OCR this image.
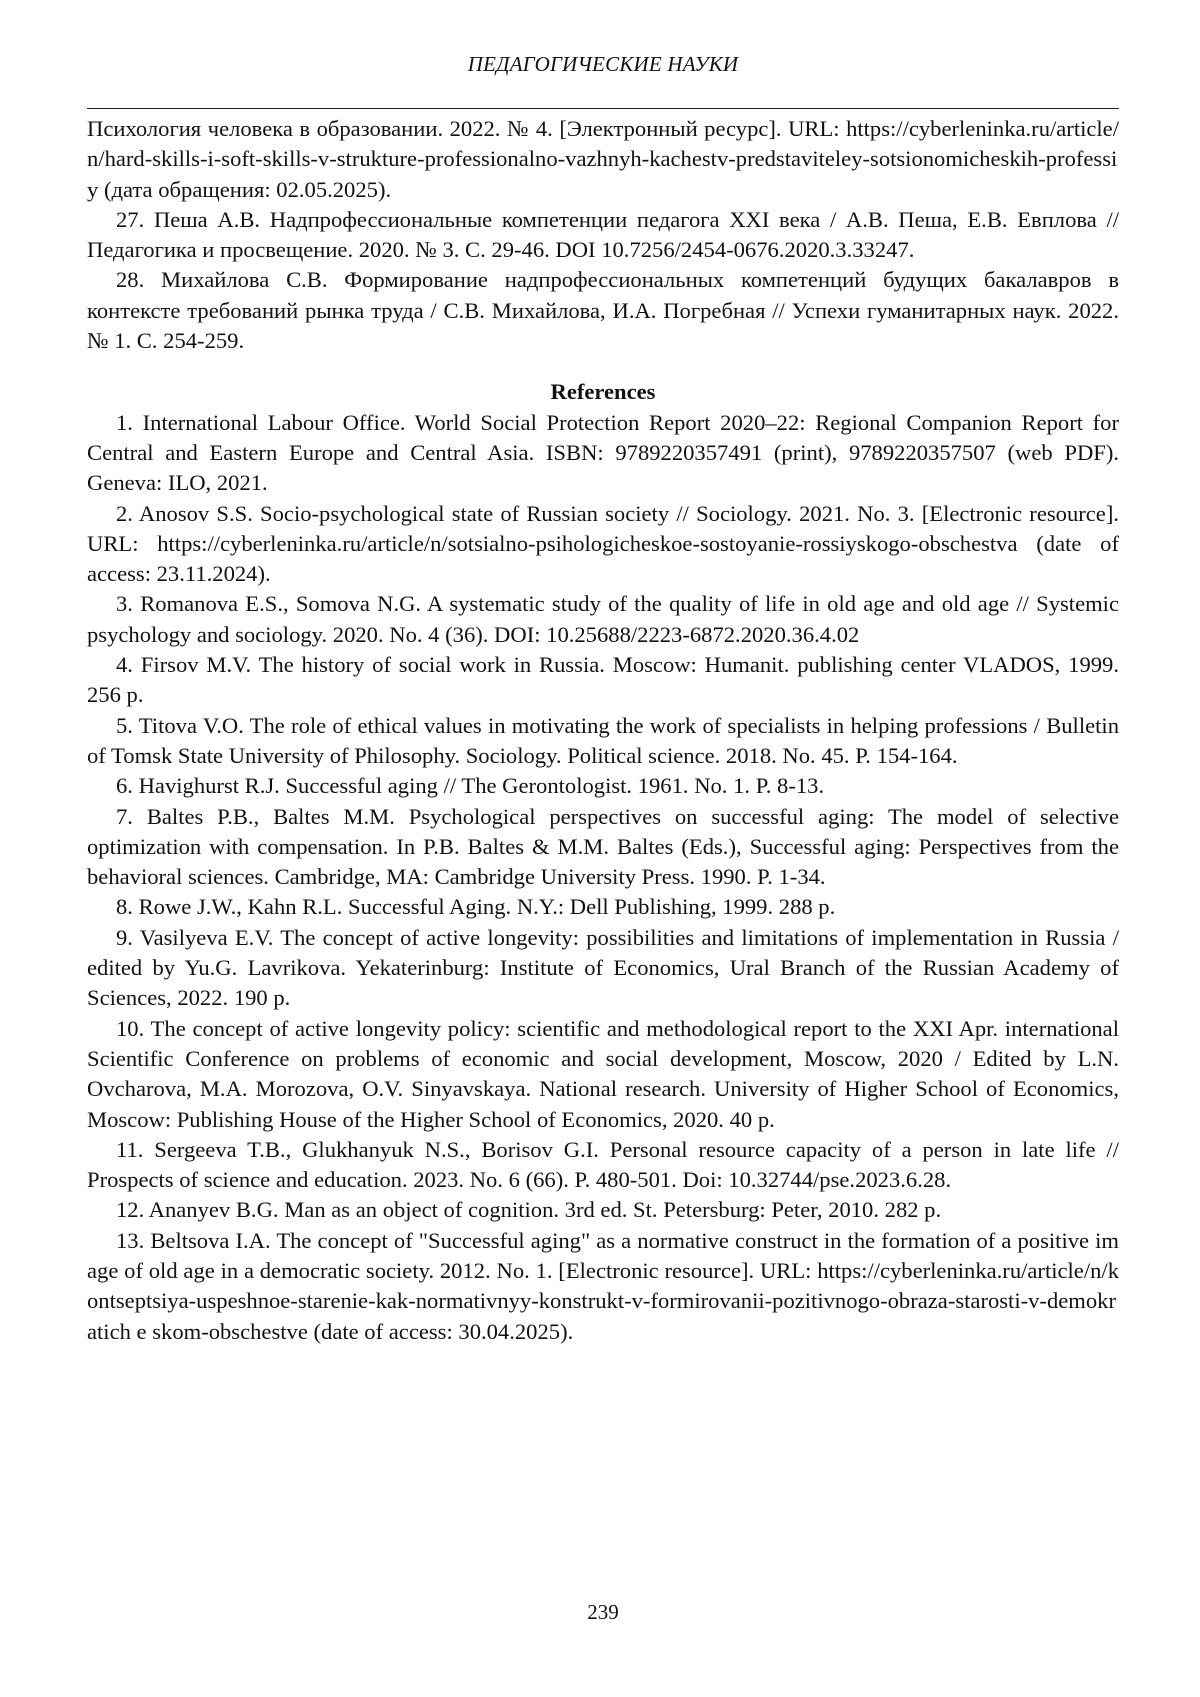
ПЕДАГОГИЧЕСКИЕ НАУКИ

Психология человека в образовании. 2022. № 4. [Электронный ресурс]. URL: https://cyberleninka.ru/article/n/hard-skills-i-soft-skills-v-strukture-professionalno-vazhnyh-kachestv-predstaviteley-sotsionomicheskih-professiy (дата обращения: 02.05.2025).

27. Пеша А.В. Надпрофессиональные компетенции педагога XXI века / А.В. Пеша, Е.В. Евплова // Педагогика и просвещение. 2020. № 3. С. 29-46. DOI 10.7256/2454-0676.2020.3.33247.

28. Михайлова С.В. Формирование надпрофессиональных компетенций будущих бакалавров в контексте требований рынка труда / С.В. Михайлова, И.А. Погребная // Успехи гуманитарных наук. 2022. № 1. С. 254-259.

References

1. International Labour Office. World Social Protection Report 2020–22: Regional Companion Report for Central and Eastern Europe and Central Asia. ISBN: 9789220357491 (print), 9789220357507 (web PDF). Geneva: ILO, 2021.

2. Anosov S.S. Socio-psychological state of Russian society // Sociology. 2021. No. 3. [Electronic resource]. URL: https://cyberleninka.ru/article/n/sotsialno-psihologicheskoe-sostoyanie-rossiyskogo-obschestva (date of access: 23.11.2024).

3. Romanova E.S., Somova N.G. A systematic study of the quality of life in old age and old age // Systemic psychology and sociology. 2020. No. 4 (36). DOI: 10.25688/2223-6872.2020.36.4.02

4. Firsov M.V. The history of social work in Russia. Moscow: Humanit. publishing center VLADOS, 1999. 256 p.

5. Titova V.O. The role of ethical values in motivating the work of specialists in helping professions / Bulletin of Tomsk State University of Philosophy. Sociology. Political science. 2018. No. 45. P. 154-164.

6. Havighurst R.J. Successful aging // The Gerontologist. 1961. No. 1. P. 8-13.

7. Baltes P.B., Baltes M.M. Psychological perspectives on successful aging: The model of selective optimization with compensation. In P.B. Baltes & M.M. Baltes (Eds.), Successful aging: Perspectives from the behavioral sciences. Cambridge, MA: Cambridge University Press. 1990. P. 1-34.

8. Rowe J.W., Kahn R.L. Successful Aging. N.Y.: Dell Publishing, 1999. 288 p.

9. Vasilyeva E.V. The concept of active longevity: possibilities and limitations of implementation in Russia / edited by Yu.G. Lavrikova. Yekaterinburg: Institute of Economics, Ural Branch of the Russian Academy of Sciences, 2022. 190 p.

10. The concept of active longevity policy: scientific and methodological report to the XXI Apr. international Scientific Conference on problems of economic and social development, Moscow, 2020 / Edited by L.N. Ovcharova, M.A. Morozova, O.V. Sinyavskaya. National research. University of Higher School of Economics, Moscow: Publishing House of the Higher School of Economics, 2020. 40 p.

11. Sergeeva T.B., Glukhanyuk N.S., Borisov G.I. Personal resource capacity of a person in late life // Prospects of science and education. 2023. No. 6 (66). P. 480-501. Doi: 10.32744/pse.2023.6.28.

12. Ananyev B.G. Man as an object of cognition. 3rd ed. St. Petersburg: Peter, 2010. 282 p.

13. Beltsova I.A. The concept of "Successful aging" as a normative construct in the formation of a positive image of old age in a democratic society. 2012. No. 1. [Electronic resource]. URL: https://cyberleninka.ru/article/n/kontseptsiya-uspeshnoe-starenie-kak-normativnyy-konstrukt-v-formirovanii-pozitivnogo-obraza-starosti-v-demokr atich e skom-obschestve (date of access: 30.04.2025).

239
